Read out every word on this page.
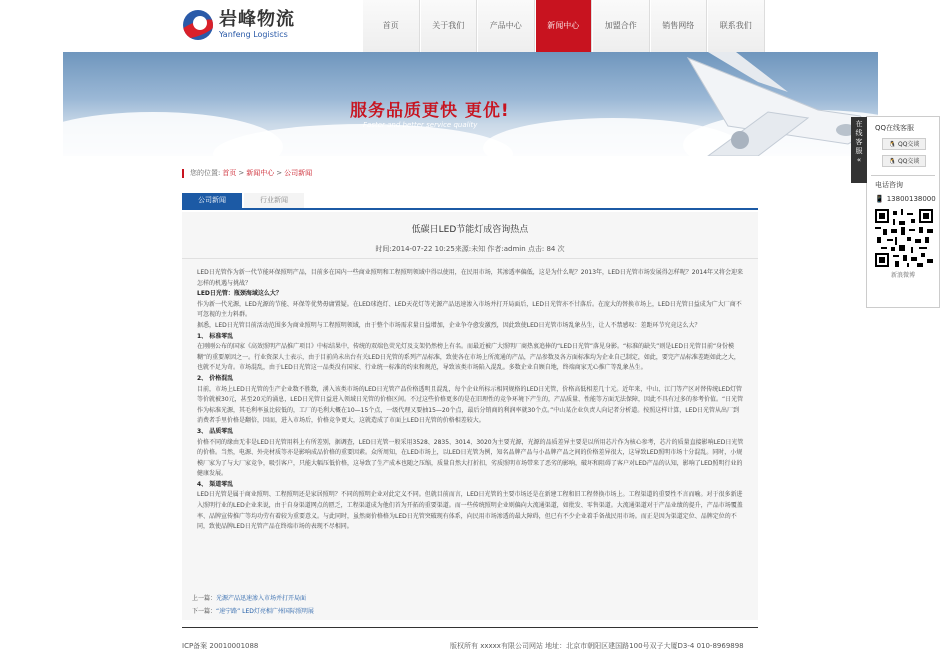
岩峰物流
Yanfeng Logistics
首页	关于我们	产品中心	新闻中心	加盟合作	销售网络	联系我们
服务品质更快 更优!
Faster and better service quality
您的位置: 首页 > 新闻中心 > 公司新闻
公司新闻	行业新闻
低碳日LED节能灯成咨询热点
时间:2014-07-22 10:25来源:未知 作者:admin 点击: 84 次

LED日光管作为新一代节能环保照明产品，目前多在国内一些商业照明和工程照明领域中得以使用，在民用市场，其渗透率偏低，这是为什么呢？2013年，LED日光管市场发展得怎样呢？2014年又将会迎来怎样的机遇与挑战？

LED日光管：瓶颈海域这么大？

作为新一代光源，LED光源的节能、环保等优势毋庸置疑。在LED球泡灯、LED天花灯等光源产品迅速渗入市场并打开局面后，LED日光管亦不甘落后。在庞大的替换市场上，LED日光管日益成为广大厂商不可忽视的主力料群。

据悉，LED日光管目前活动范围多为商业照明与工程照明领域，由于整个市场需求量日益增加，企业争夺愈发激烈，因此致使LED日光管市场乱象丛生，让人不禁感叹：差距环节究竟这么大？

1、 标准零乱

在刚刚公布的国家《高效照明产品推广项目》中标结果中，传统的双端色荧光灯及支架仍然榜上有名。而最近被广大照明厂商热衷追捧的“LED日光管”落见身影。“标准的缺失”则是LED日光管目前“身份模糊”的重要原因之一。行业资深人士表示，由于目前尚未出台有关LED日光管的系列产品标准，致使各在市场上所流通的产品，产品参数及各方面标准均为企业自己制定，如此，要完产品标准差距如此之大，也就不足为奇。市场混乱，由于LED日光管这一品类没有国家、行业统一标准的约束和规范，导致该类市场陷入混乱。多数企业自顾自地，终端商家无心推广等乱象丛生。

2、 价格混乱

目前，市场上LED日光管的生产企业数不胜数，湧入该类市场的LED日光管产品价格透明且混乱，每个企业所标示相同规格的LED日光管，价格高低相差几十元。近年来，中山、江门等产区对替传统LED灯管等价就被30元，甚至20元的涌息，LED日光管日益进入领域日光管的价格区间。不过这些价格更多的是在旧理性的竞争环境下产生的，产品质量、性能等方面无法保障，因此不具有过多的参考价值。“日光管作为标准光源，其毛利率虽比较低的，工厂的毛利大概在10—15个点，一级代理又要抽15—20个点，最后分销商的利润率就30个点。”中山某企业负责人向记者分析道。按照这样计算，LED日光管从出厂到消费者手里价格是翻倍，因而，进入市场后，价格竞争更大，这就造成了市面上LED日光管的价格相差较大。

3、 品质零乱

价格不同的缘由无非是LED日光管用料上有所差别，据调查，LED日光管一般采用3528、2835、3014、3020为主要光源，光源的品质差异主要是以所用芯片作为核心参考，芯片的质量直接影响LED日光管的价格。当然，电源、外壳材质等亦是影响成品价格的重要因素。众所周知，在LED市场上，以LED日光管为例，知名品牌产品与小品牌产品之间的价格差异很大，这导致LED照明市场十分混乱。同时，小规模厂家为了与大厂家竞争，吸引客户，只能大幅压低价格，这导致了生产成本也随之压缩，质量自然大打折扣，劣质照明市场带来了恶劣的影响，破坏和阻碍了客户对LED产品的认知，影响了LED照明行业的健康发展。

4、 渠道零乱

LED日光管是属于商业照明、工程照明还是家居照明？不同的照明企业对此定义不同。但就目前而言，LED日光管的主要市场还是在新建工程和旧工程替换市场上。工程渠道的重要性不言而喻。对于很多新进入照明行业的LED企业来说，由于自身渠道网点的匮乏，工程渠道成为他们首为开拓的重要渠道。而一些传统照明企业则偏向大流通渠道，如批发、零售渠道。大流通渠道对于产品业绩的提升，产品市场覆盖率、品牌宣传推广等均功劳有着较为重要意义。与此同时，虽然商价格格为LED日光管突破现有体系，向民用市场渗透的最大障碍，但已有不少企业着手备战民用市场。而正是因为渠道定位、品牌定位的不同，致使品牌LED日光管产品在终端市场的表现不尽相同。

上一篇：光源产品迅速渗入市场并打开局面
下一篇：“速宁路” LED灯亮相广州国际照明展
ICP备案 20010001088	版权所有 xxxxx有限公司网站 地址：北京市朝阳区建国路100号双子大厦D3-4 010-8969898
在线客服
«
QQ在线客服
🐧 QQ交谈
🐧 QQ交谈
电话咨询
📱 13800138000
新浪微博
